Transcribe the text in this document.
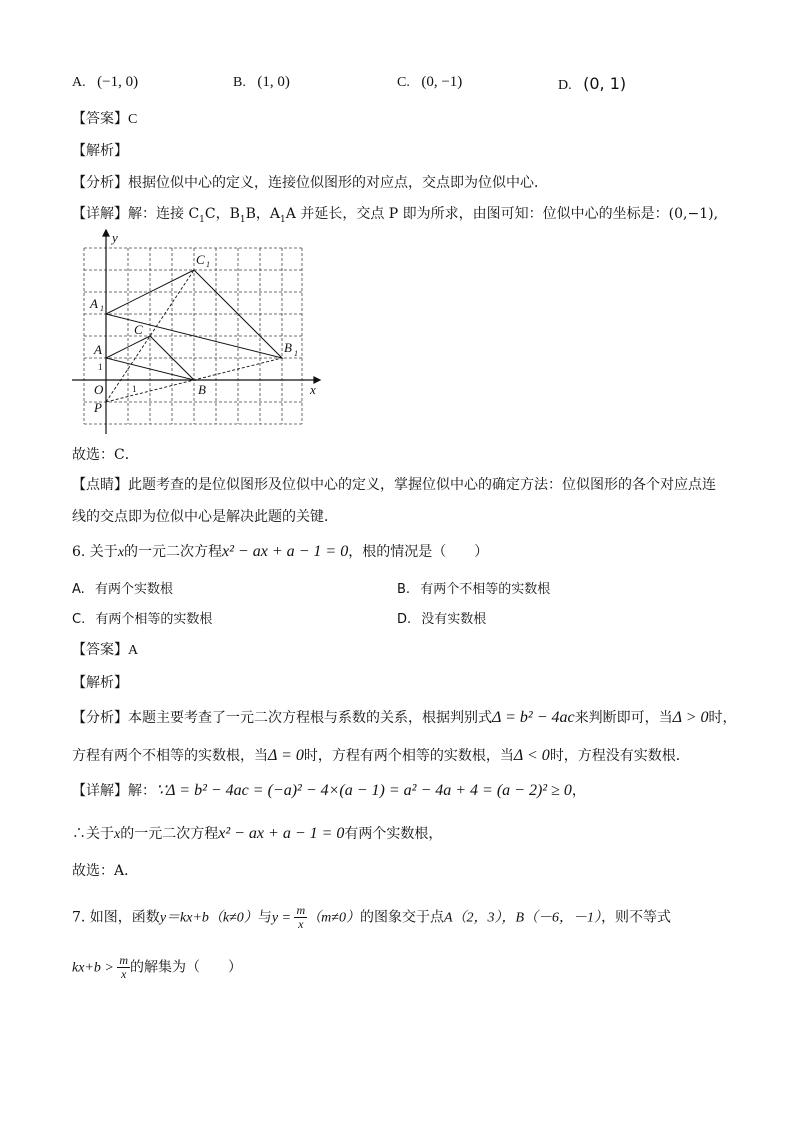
A. (−1, 0)	B. (1, 0)	C. (0, −1)	D. (0, 1)
【答案】C
【解析】
【分析】根据位似中心的定义，连接位似图形的对应点，交点即为位似中心．
【详解】解：连接 $C_1C$，$B_1B$，$A_1A$ 并延长，交点 P 即为所求，由图可知：位似中心的坐标是：(0,−1),
y
x
C 1
A 1
C
A	B 1
O	B
P
1
1
故选：C．
【点睛】此题考查的是位似图形及位似中心的定义，掌握位似中心的确定方法：位似图形的各个对应点连
线的交点即为位似中心是解决此题的关键．
6. 关于x的一元二次方程x² − ax + a − 1 = 0，根的情况是（　　）
A. 有两个实数根	B. 有两个不相等的实数根
C. 有两个相等的实数根	D. 没有实数根
【答案】A
【解析】
【分析】本题主要考查了一元二次方程根与系数的关系，根据判别式Δ = b² − 4ac来判断即可，当Δ > 0时，
方程有两个不相等的实数根，当Δ = 0时，方程有两个相等的实数根，当Δ < 0时，方程没有实数根．
【详解】解：∵Δ = b² − 4ac = (−a)² − 4×(a − 1) = a² − 4a + 4 = (a − 2)² ≥ 0，
∴关于x的一元二次方程x² − ax + a − 1 = 0有两个实数根，
故选：A．
7. 如图，函数y＝kx+b（k≠0）与$y = \frac{m}{x} (m\ne 0)$的图象交于点A（2，3），B（－6，－1），则不等式
$kx+b > \frac{m}{x}$ 的解集为（　　）
